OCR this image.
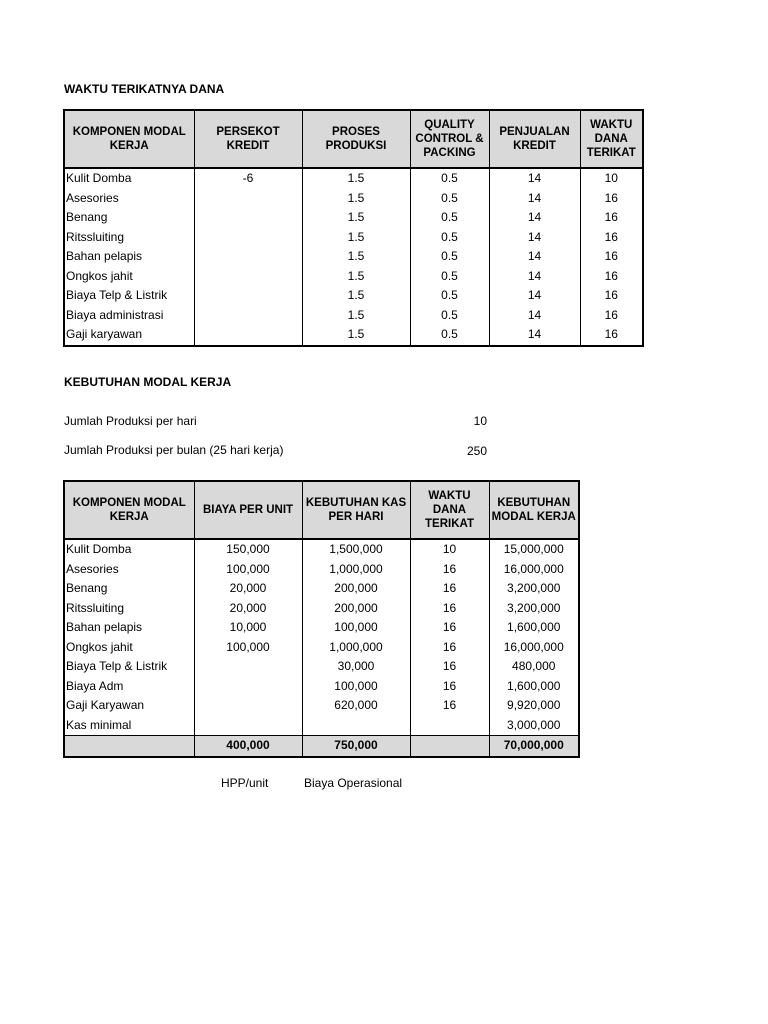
WAKTU TERIKATNYA DANA
KOMPONEN MODAL KERJA	PERSEKOT KREDIT	PROSES PRODUKSI	QUALITY CONTROL & PACKING	PENJUALAN KREDIT	WAKTU DANA TERIKAT
Kulit Domba	-6	1.5	0.5	14	10
Asesories		1.5	0.5	14	16
Benang		1.5	0.5	14	16
Ritssluiting		1.5	0.5	14	16
Bahan pelapis		1.5	0.5	14	16
Ongkos jahit		1.5	0.5	14	16
Biaya Telp & Listrik		1.5	0.5	14	16
Biaya administrasi		1.5	0.5	14	16
Gaji karyawan		1.5	0.5	14	16
KEBUTUHAN MODAL KERJA
Jumlah Produksi per hari	10
Jumlah Produksi per bulan (25 hari kerja)	250
KOMPONEN MODAL KERJA	BIAYA PER UNIT	KEBUTUHAN KAS PER HARI	WAKTU DANA TERIKAT	KEBUTUHAN MODAL KERJA
Kulit Domba	150,000	1,500,000	10	15,000,000
Asesories	100,000	1,000,000	16	16,000,000
Benang	20,000	200,000	16	3,200,000
Ritssluiting	20,000	200,000	16	3,200,000
Bahan pelapis	10,000	100,000	16	1,600,000
Ongkos jahit	100,000	1,000,000	16	16,000,000
Biaya Telp & Listrik		30,000	16	480,000
Biaya Adm		100,000	16	1,600,000
Gaji Karyawan		620,000	16	9,920,000
Kas minimal				3,000,000
	400,000	750,000		70,000,000
HPP/unit	Biaya Operasional
